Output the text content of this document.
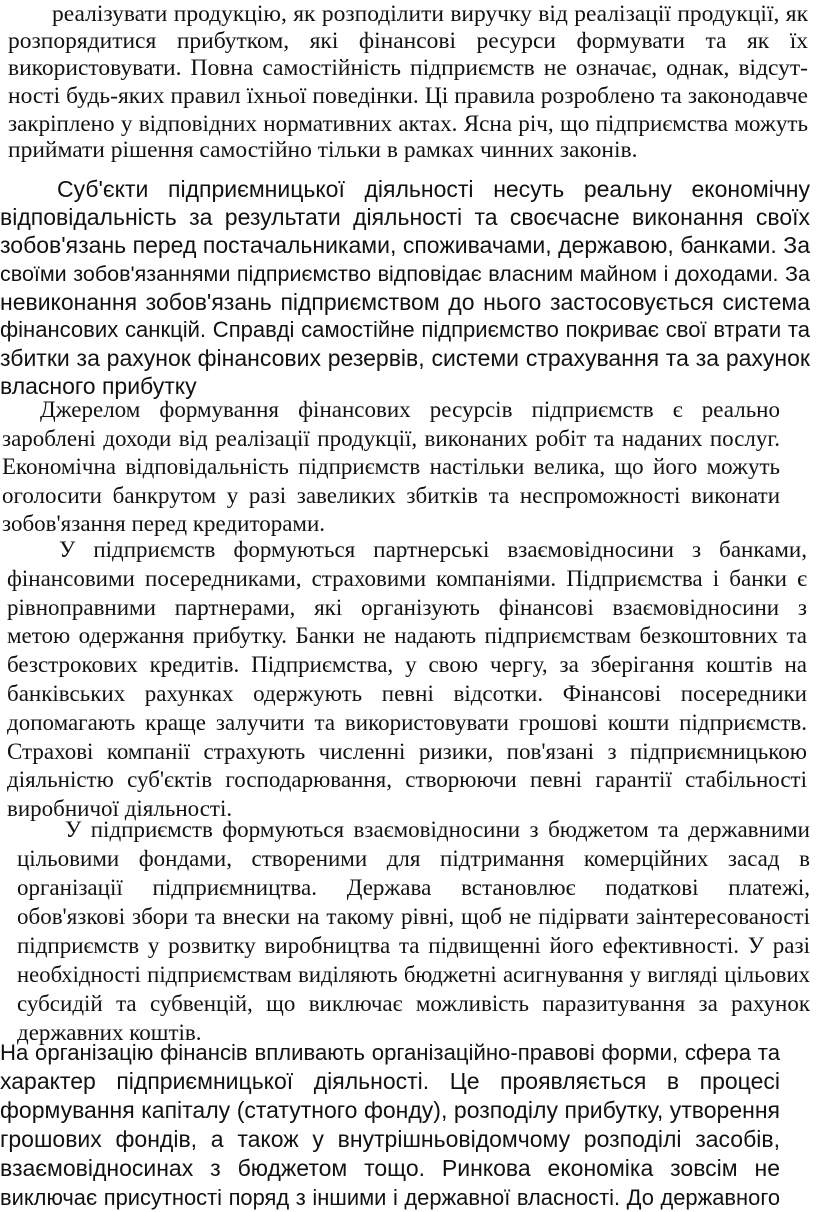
реалізувати продукцію, як розподілити виручку від реалізації продукції, як
розпорядитися прибутком, які фінансові ресурси формувати та як їх
використовувати. Повна самостійність підприємств не означає, однак, відсут-
ності будь-яких правил їхньої поведінки. Ці правила розроблено та законодавче
закріплено у відповідних нормативних актах. Ясна річ, що підприємства можуть
приймати рішення самостійно тільки в рамках чинних законів.
Суб'єкти підприємницької діяльності несуть реальну економічну
відповідальність за результати діяльності та своєчасне виконання своїх
зобов'язань перед постачальниками, споживачами, державою, банками. За
своїми зобов'язаннями підприємство відповідає власним майном і доходами. За
невиконання зобов'язань підприємством до нього застосовується система
фінансових санкцій. Справді самостійне підприємство покриває свої втрати та
збитки за рахунок фінансових резервів, системи страхування та за рахунок
власного прибутку
Джерелом формування фінансових ресурсів підприємств є реально
зароблені доходи від реалізації продукції, виконаних робіт та наданих послуг.
Економічна відповідальність підприємств настільки велика, що його можуть
оголосити банкрутом у разі завеликих збитків та неспроможності виконати
зобов'язання перед кредиторами.
У підприємств формуються партнерські взаємовідносини з банками,
фінансовими посередниками, страховими компаніями. Підприємства і банки є
рівноправними партнерами, які організують фінансові взаємовідносини з
метою одержання прибутку. Банки не надають підприємствам безкоштовних та
безстрокових кредитів. Підприємства, у свою чергу, за зберігання коштів на
банківських рахунках одержують певні відсотки. Фінансові посередники
допомагають краще залучити та використовувати грошові кошти підприємств.
Страхові компанії страхують численні ризики, пов'язані з підприємницькою
діяльністю суб'єктів господарювання, створюючи певні гарантії стабільності
виробничої діяльності.
У підприємств формуються взаємовідносини з бюджетом та державними
цільовими фондами, створеними для підтримання комерційних засад в
організації підприємництва. Держава встановлює податкові платежі,
обов'язкові збори та внески на такому рівні, щоб не підірвати заінтересованості
підприємств у розвитку виробництва та підвищенні його ефективності. У разі
необхідності підприємствам виділяють бюджетні асигнування у вигляді цільових
субсидій та субвенцій, що виключає можливість паразитування за рахунок
державних коштів.
На організацію фінансів впливають організаційно-правові форми, сфера та
характер підприємницької діяльності. Це проявляється в процесі
формування капіталу (статутного фонду), розподілу прибутку, утворення
грошових фондів, а також у внутрішньовідомчому розподілі засобів,
взаємовідносинах з бюджетом тощо. Ринкова економіка зовсім не
виключає присутності поряд з іншими і державної власності. До державного
